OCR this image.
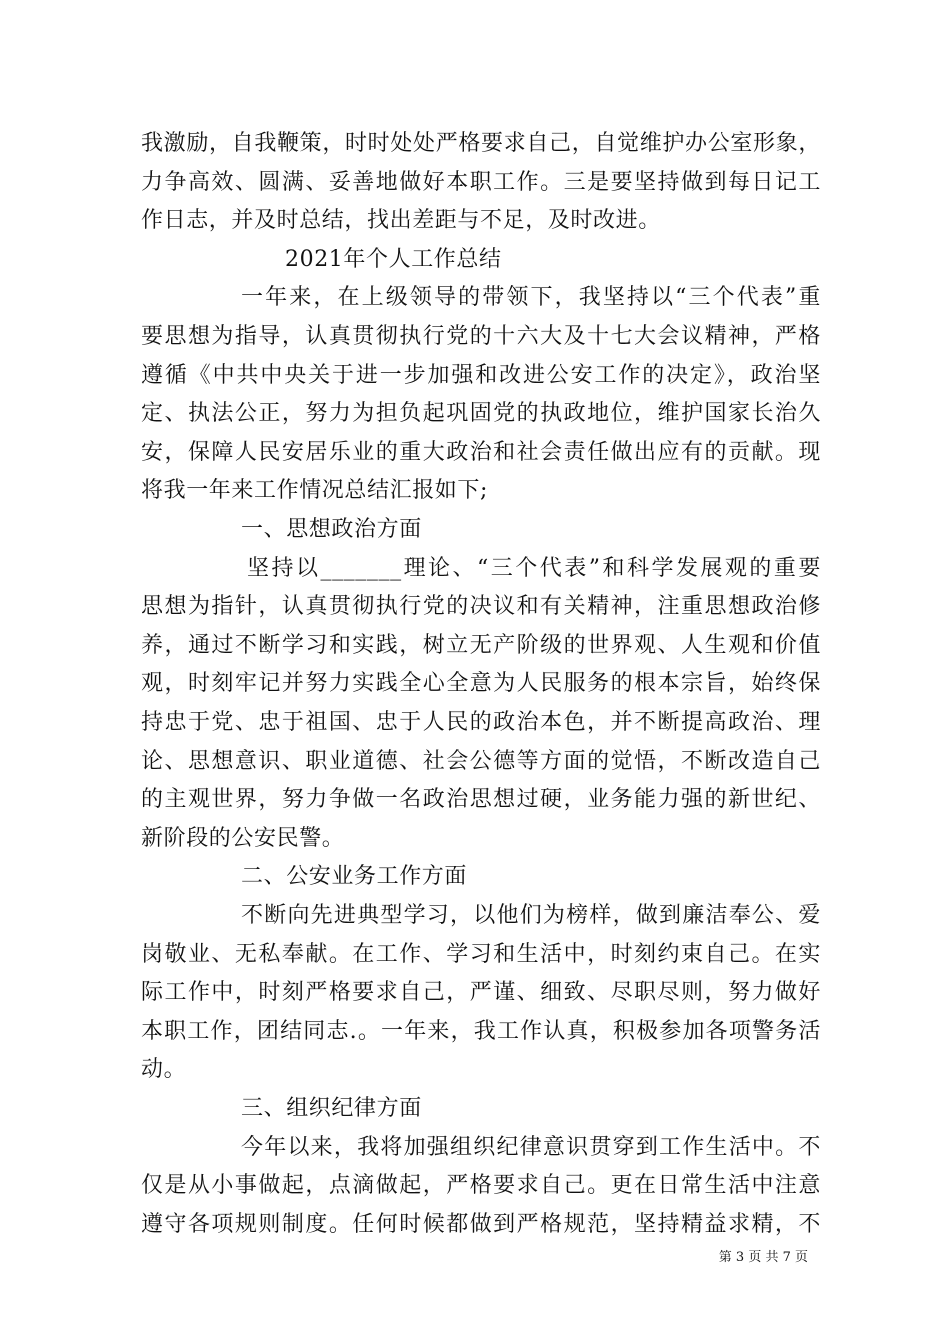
我激励，自我鞭策，时时处处严格要求自己，自觉维护办公室形象，
力争高效、圆满、妥善地做好本职工作。三是要坚持做到每日记工
作日志，并及时总结，找出差距与不足，及时改进。
2021年个人工作总结
一年来，在上级领导的带领下，我坚持以“三个代表”重
要思想为指导，认真贯彻执行党的十六大及十七大会议精神，严格
遵循《中共中央关于进一步加强和改进公安工作的决定》，政治坚
定、执法公正，努力为担负起巩固党的执政地位，维护国家长治久
安，保障人民安居乐业的重大政治和社会责任做出应有的贡献。现
将我一年来工作情况总结汇报如下;
一、思想政治方面
坚持以_______理论、“三个代表”和科学发展观的重要
思想为指针，认真贯彻执行党的决议和有关精神，注重思想政治修
养，通过不断学习和实践，树立无产阶级的世界观、人生观和价值
观，时刻牢记并努力实践全心全意为人民服务的根本宗旨，始终保
持忠于党、忠于祖国、忠于人民的政治本色，并不断提高政治、理
论、思想意识、职业道德、社会公德等方面的觉悟，不断改造自己
的主观世界，努力争做一名政治思想过硬，业务能力强的新世纪、
新阶段的公安民警。
二、公安业务工作方面
不断向先进典型学习，以他们为榜样，做到廉洁奉公、爱
岗敬业、无私奉献。在工作、学习和生活中，时刻约束自己。在实
际工作中，时刻严格要求自己，严谨、细致、尽职尽则，努力做好
本职工作，团结同志.。一年来，我工作认真，积极参加各项警务活
动。
三、组织纪律方面
今年以来，我将加强组织纪律意识贯穿到工作生活中。不
仅是从小事做起，点滴做起，严格要求自己。更在日常生活中注意
遵守各项规则制度。任何时候都做到严格规范，坚持精益求精，不
第 3 页 共 7 页
